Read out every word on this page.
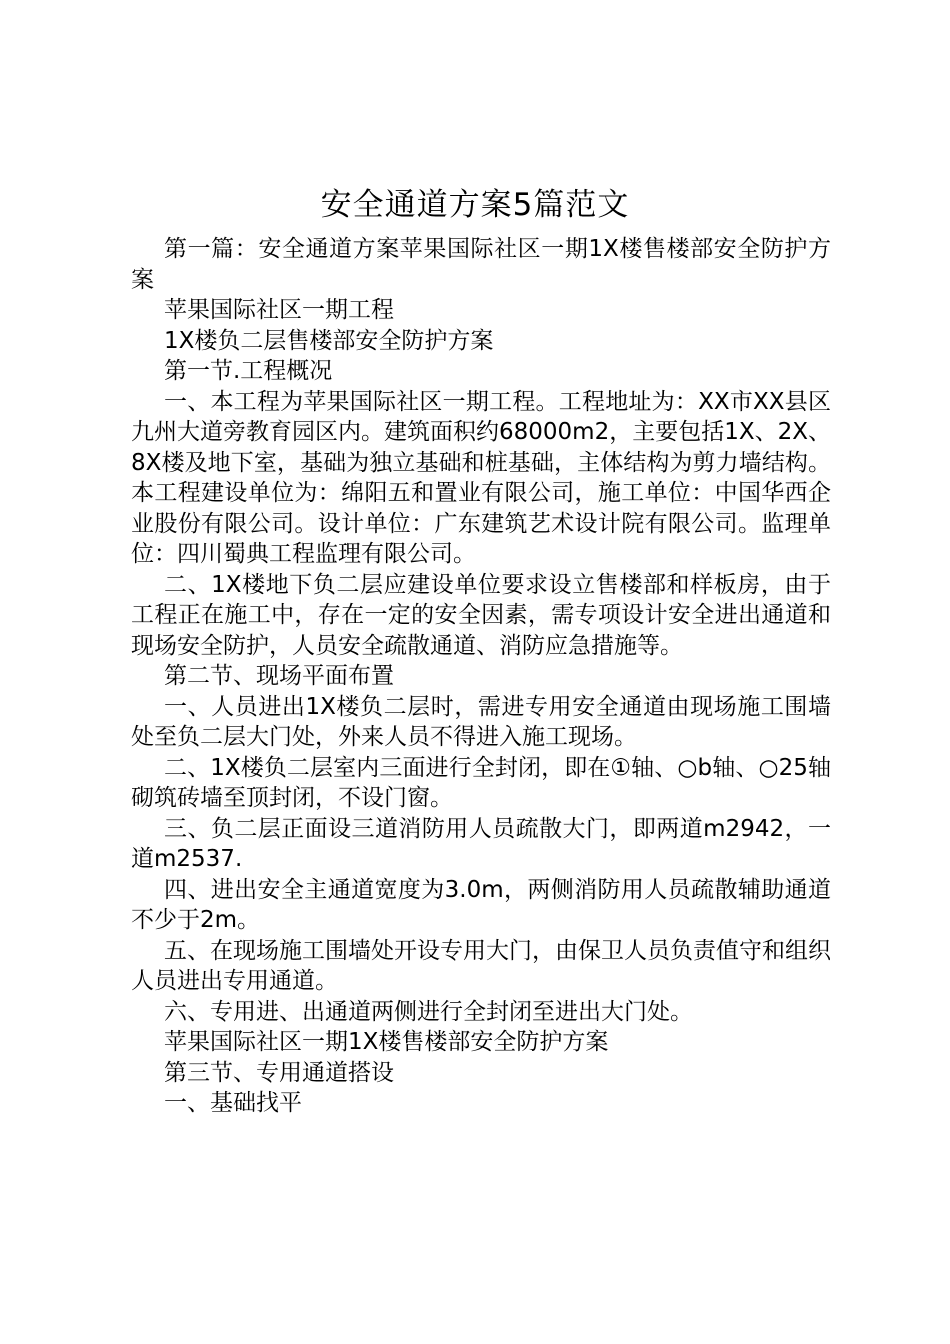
安全通道方案5篇范文

第一篇：安全通道方案苹果国际社区一期1X楼售楼部安全防护方案

苹果国际社区一期工程

1X楼负二层售楼部安全防护方案

第一节.工程概况

一、本工程为苹果国际社区一期工程。工程地址为：XX市XX县区九州大道旁教育园区内。建筑面积约68000m2，主要包括1X、2X、8X楼及地下室，基础为独立基础和桩基础，主体结构为剪力墙结构。本工程建设单位为：绵阳五和置业有限公司，施工单位：中国华西企业股份有限公司。设计单位：广东建筑艺术设计院有限公司。监理单位：四川蜀典工程监理有限公司。

二、1X楼地下负二层应建设单位要求设立售楼部和样板房，由于工程正在施工中，存在一定的安全因素，需专项设计安全进出通道和现场安全防护，人员安全疏散通道、消防应急措施等。

第二节、现场平面布置

一、人员进出1X楼负二层时，需进专用安全通道由现场施工围墙处至负二层大门处，外来人员不得进入施工现场。

二、1X楼负二层室内三面进行全封闭，即在①轴、○b轴、○25轴砌筑砖墙至顶封闭，不设门窗。

三、负二层正面设三道消防用人员疏散大门，即两道m2942，一道m2537.

四、进出安全主通道宽度为3.0m，两侧消防用人员疏散辅助通道不少于2m。

五、在现场施工围墙处开设专用大门，由保卫人员负责值守和组织人员进出专用通道。

六、专用进、出通道两侧进行全封闭至进出大门处。

苹果国际社区一期1X楼售楼部安全防护方案

第三节、专用通道搭设

一、基础找平
